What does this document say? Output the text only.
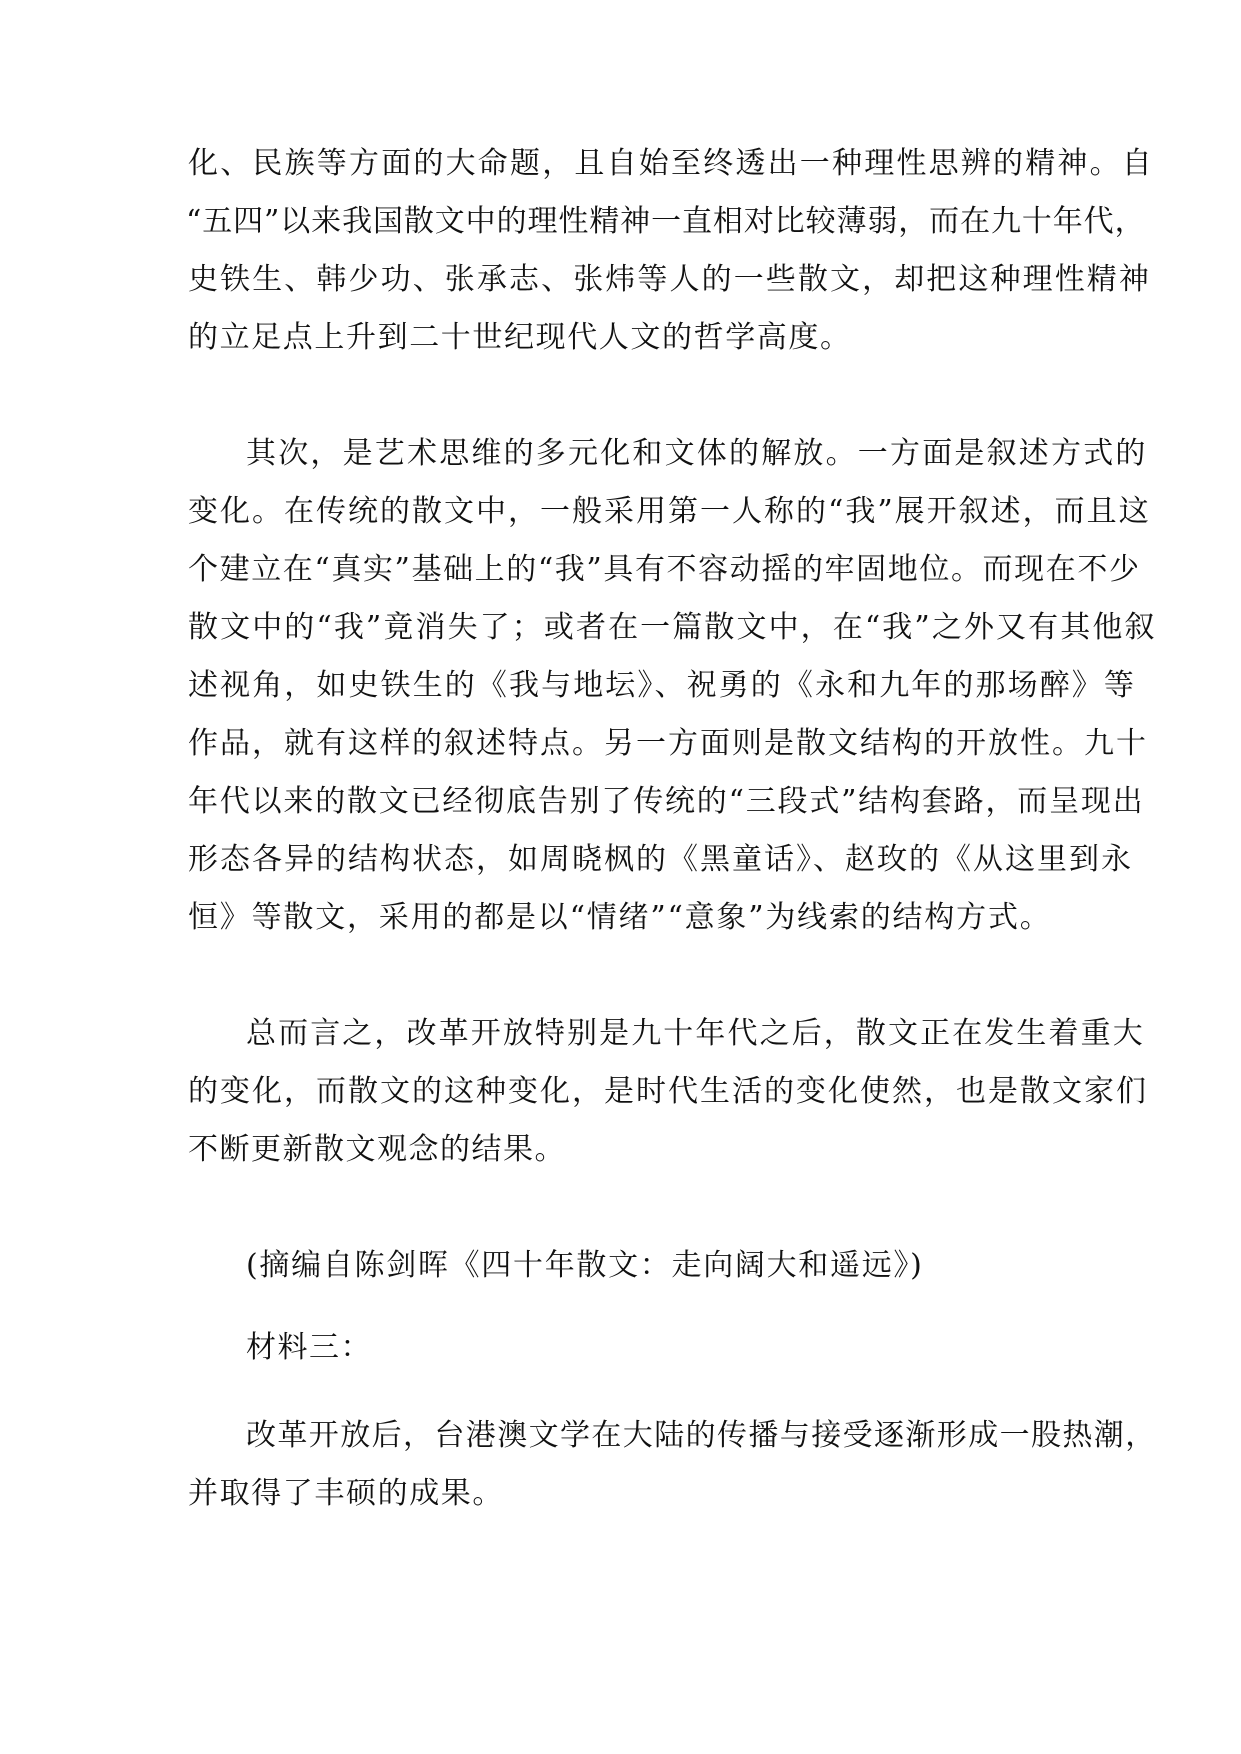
化、民族等方面的大命题，且自始至终透出一种理性思辨的精神。自
“五四”以来我国散文中的理性精神一直相对比较薄弱，而在九十年代，
史铁生、韩少功、张承志、张炜等人的一些散文，却把这种理性精神
的立足点上升到二十世纪现代人文的哲学高度。
其次，是艺术思维的多元化和文体的解放。一方面是叙述方式的
变化。在传统的散文中，一般采用第一人称的“我”展开叙述，而且这
个建立在“真实”基础上的“我”具有不容动摇的牢固地位。而现在不少
散文中的“我”竟消失了；或者在一篇散文中，在“我”之外又有其他叙
述视角，如史铁生的《我与地坛》、祝勇的《永和九年的那场醉》等
作品，就有这样的叙述特点。另一方面则是散文结构的开放性。九十
年代以来的散文已经彻底告别了传统的“三段式”结构套路，而呈现出
形态各异的结构状态，如周晓枫的《黑童话》、赵玫的《从这里到永
恒》等散文，采用的都是以“情绪”“意象”为线索的结构方式。
总而言之，改革开放特别是九十年代之后，散文正在发生着重大
的变化，而散文的这种变化，是时代生活的变化使然，也是散文家们
不断更新散文观念的结果。
(摘编自陈剑晖《四十年散文：走向阔大和遥远》)
材料三：
改革开放后，台港澳文学在大陆的传播与接受逐渐形成一股热潮，
并取得了丰硕的成果。
